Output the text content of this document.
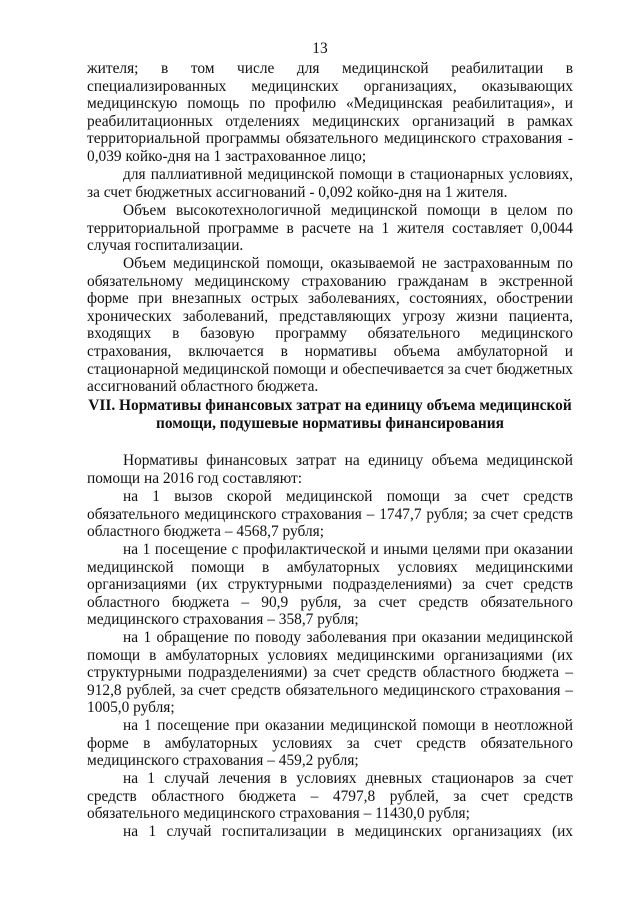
13
жителя; в том числе для медицинской реабилитации в специализированных медицинских организациях, оказывающих медицинскую помощь по профилю «Медицинская реабилитация», и реабилитационных отделениях медицинских организаций в рамках территориальной программы обязательного медицинского страхования - 0,039 койко-дня на 1 застрахованное лицо;
для паллиативной медицинской помощи в стационарных условиях, за счет бюджетных ассигнований - 0,092 койко-дня на 1 жителя.
Объем высокотехнологичной медицинской помощи в целом по территориальной программе в расчете на 1 жителя составляет 0,0044 случая госпитализации.
Объем медицинской помощи, оказываемой не застрахованным по обязательному медицинскому страхованию гражданам в экстренной форме при внезапных острых заболеваниях, состояниях, обострении хронических заболеваний, представляющих угрозу жизни пациента, входящих в базовую программу обязательного медицинского страхования, включается в нормативы объема амбулаторной и стационарной медицинской помощи и обеспечивается за счет бюджетных ассигнований областного бюджета.
VII. Нормативы финансовых затрат на единицу объема медицинской
помощи, подушевые нормативы финансирования
Нормативы финансовых затрат на единицу объема медицинской помощи на 2016 год составляют:
на 1 вызов скорой медицинской помощи за счет средств обязательного медицинского страхования – 1747,7 рубля; за счет средств областного бюджета – 4568,7 рубля;
на 1 посещение с профилактической и иными целями при оказании медицинской помощи в амбулаторных условиях медицинскими организациями (их структурными подразделениями) за счет средств областного бюджета – 90,9 рубля, за счет средств обязательного медицинского страхования – 358,7 рубля;
на 1 обращение по поводу заболевания при оказании медицинской помощи в амбулаторных условиях медицинскими организациями (их структурными подразделениями) за счет средств областного бюджета – 912,8 рублей, за счет средств обязательного медицинского страхования – 1005,0 рубля;
на 1 посещение при оказании медицинской помощи в неотложной форме в амбулаторных условиях за счет средств обязательного медицинского страхования – 459,2 рубля;
на 1 случай лечения в условиях дневных стационаров за счет средств областного бюджета – 4797,8 рублей, за счет средств обязательного медицинского страхования – 11430,0 рубля;
на 1 случай госпитализации в медицинских организациях (их
